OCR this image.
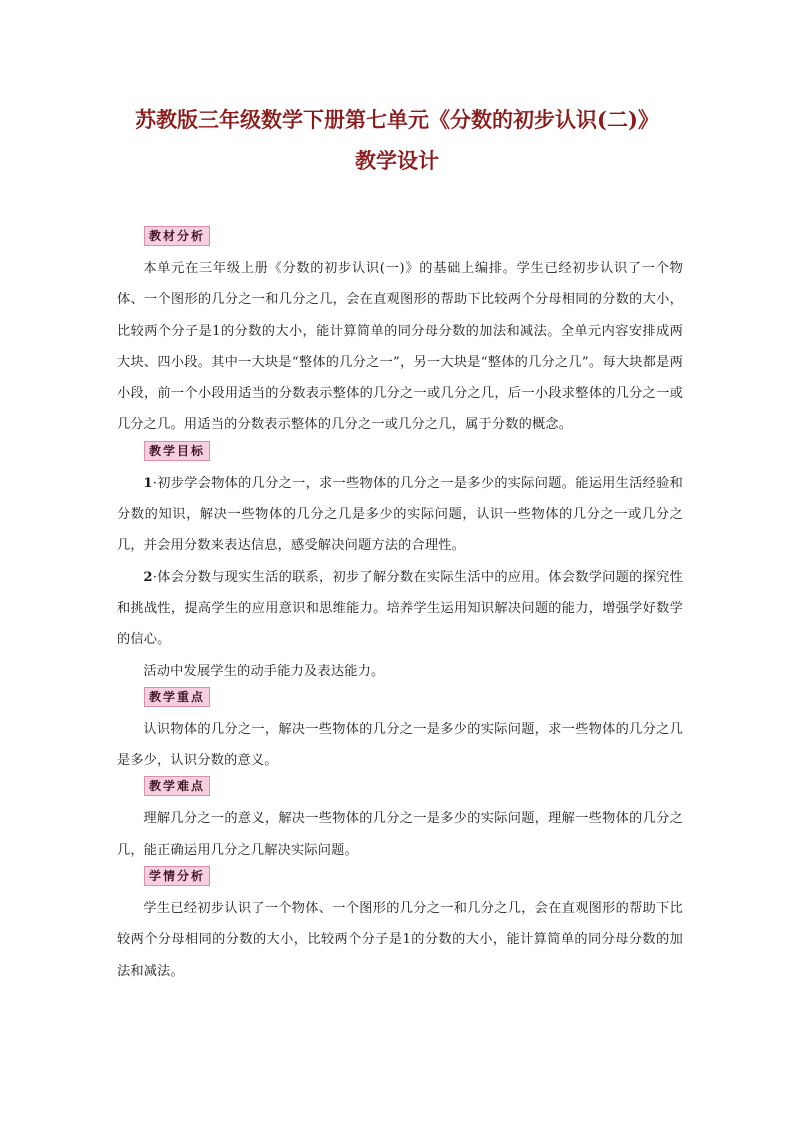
苏教版三年级数学下册第七单元《分数的初步认识(二)》
教学设计
教材分析

本单元在三年级上册《分数的初步认识(一)》的基础上编排。学生已经初步认识了一个物体、一个图形的几分之一和几分之几，会在直观图形的帮助下比较两个分母相同的分数的大小，比较两个分子是1的分数的大小，能计算简单的同分母分数的加法和减法。全单元内容安排成两大块、四小段。其中一大块是“整体的几分之一”，另一大块是“整体的几分之几”。每大块都是两小段，前一个小段用适当的分数表示整体的几分之一或几分之几，后一小段求整体的几分之一或几分之几。用适当的分数表示整体的几分之一或几分之几，属于分数的概念。

教学目标

1·初步学会物体的几分之一，求一些物体的几分之一是多少的实际问题。能运用生活经验和分数的知识，解决一些物体的几分之几是多少的实际问题，认识一些物体的几分之一或几分之几，并会用分数来表达信息，感受解决问题方法的合理性。

2·体会分数与现实生活的联系，初步了解分数在实际生活中的应用。体会数学问题的探究性和挑战性，提高学生的应用意识和思维能力。培养学生运用知识解决问题的能力，增强学好数学的信心。

活动中发展学生的动手能力及表达能力。

教学重点

认识物体的几分之一，解决一些物体的几分之一是多少的实际问题，求一些物体的几分之几是多少，认识分数的意义。

教学难点

理解几分之一的意义，解决一些物体的几分之一是多少的实际问题，理解一些物体的几分之几，能正确运用几分之几解决实际问题。

学情分析

学生已经初步认识了一个物体、一个图形的几分之一和几分之几，会在直观图形的帮助下比较两个分母相同的分数的大小，比较两个分子是1的分数的大小，能计算简单的同分母分数的加法和减法。
